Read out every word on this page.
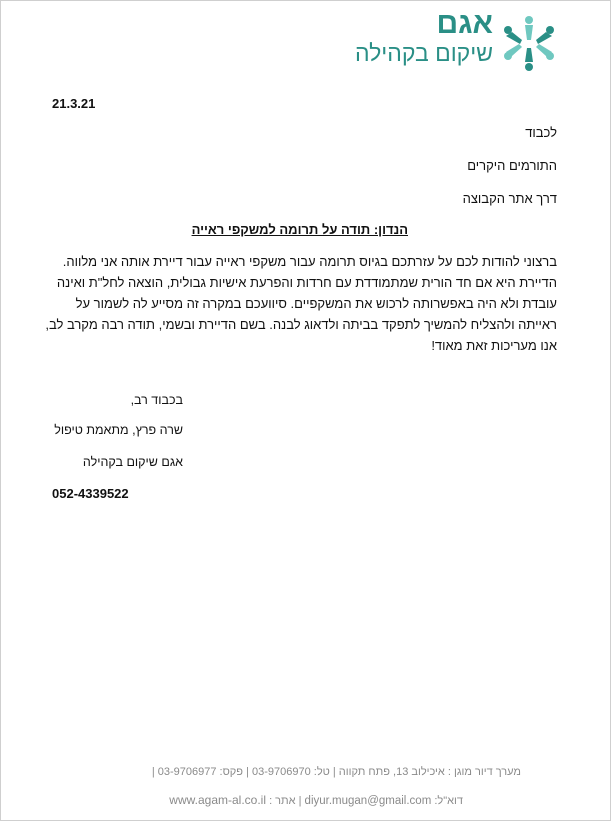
אגם
שיקום בקהילה
21.3.21
לכבוד
התורמים היקרים
דרך אתר הקבוצה
הנדון: תודה על תרומה למשקפי ראייה
ברצוני להודות לכם על עזרתכם בגיוס תרומה עבור משקפי ראייה עבור דיירת אותה אני מלווה.
הדיירת היא אם חד הורית שמתמודדת עם חרדות והפרעת אישיות גבולית, הוצאה לחל"ת ואינה
עובדת ולא היה באפשרותה לרכוש את המשקפיים. סיוועכם במקרה זה מסייע לה לשמור על
ראייתה ולהצליח להמשיך לתפקד בביתה ולדאוג לבנה. בשם הדיירת ובשמי, תודה רבה מקרב לב,
אנו מעריכות זאת מאוד!
בכבוד רב,
שרה פרץ, מתאמת טיפול
אגם שיקום בקהילה
052-4339522
מערך דיור מוגן : איכילוב 13, פתח תקווה | טל: 03-9706970 | פקס: 03-9706977 |
דוא"ל: diyur.mugan@gmail.com | אתר : www.agam-al.co.il
